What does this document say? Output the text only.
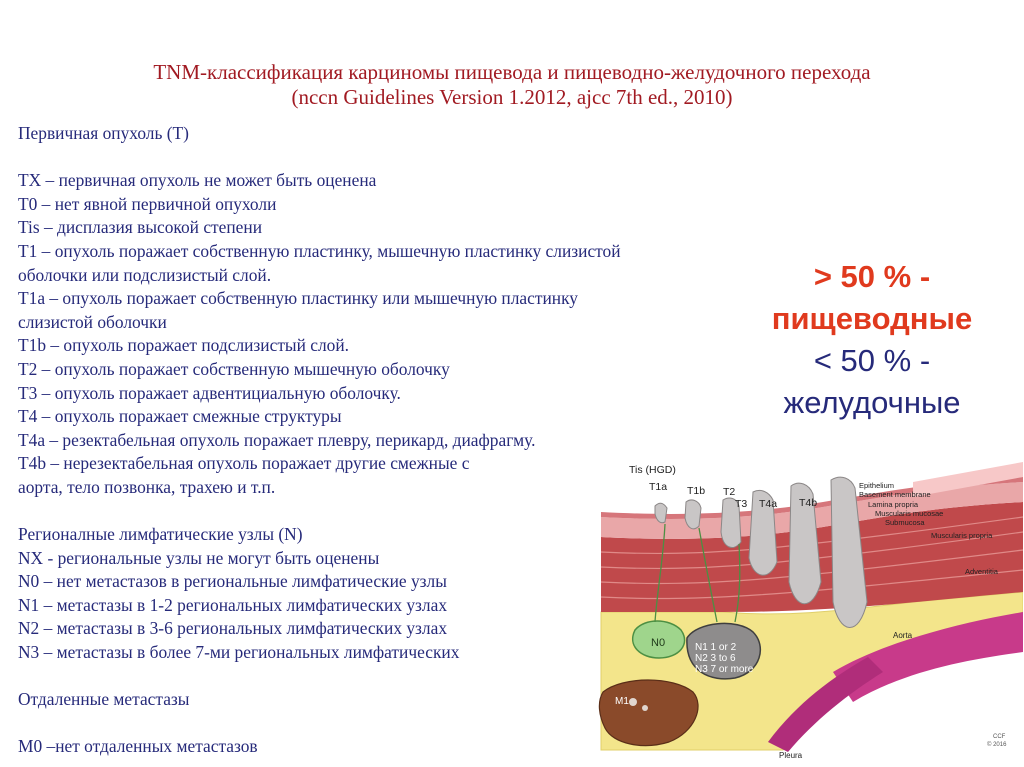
TNM-классификация карциномы пищевода и пищеводно-желудочного перехода
(nccn Guidelines Version 1.2012, ajcc 7th ed., 2010)
Первичная опухоль (T)
TX – первичная опухоль не может быть оценена
T0 – нет явной первичной опухоли
Tis – дисплазия высокой степени
T1 – опухоль поражает собственную пластинку, мышечную пластинку слизистой
оболочки или подслизистый слой.
T1a – опухоль поражает собственную пластинку или мышечную пластинку
слизистой оболочки
T1b – опухоль поражает подслизистый слой.
T2 – опухоль поражает собственную мышечную оболочку
T3 – опухоль поражает адвентициальную оболочку.
T4 – опухоль поражает смежные структуры
T4a – резектабельная опухоль поражает плевру, перикард, диафрагму.
T4b – нерезектабельная опухоль поражает другие смежные с
аорта, тело позвонка, трахею и т.п.
Регионалные лимфатические узлы (N)
NX - региональные узлы не могут быть оценены
N0 – нет метастазов в региональные лимфатические узлы
N1 – метастазы в 1-2 региональных лимфатических узлах
N2 – метастазы в 3-6 региональных лимфатических узлах
N3 – метастазы в более 7-ми региональных лимфатических
Отдаленные метастазы
M0 –нет отдаленных метастазов
> 50 % -
пищеводные
< 50 % -
желудочные
N0	N1 1 or 2
N2 3 to 6
N3 7 or more
M1
Tis (HGD)
T1a T1b T2
T3 T4a T4b
Epithelium
Basement membrane
Lamina propria
Muscularis mucosae
Submucosa
Muscularis propria
Adventitia
Aorta
Pleura
CCF
© 2016
